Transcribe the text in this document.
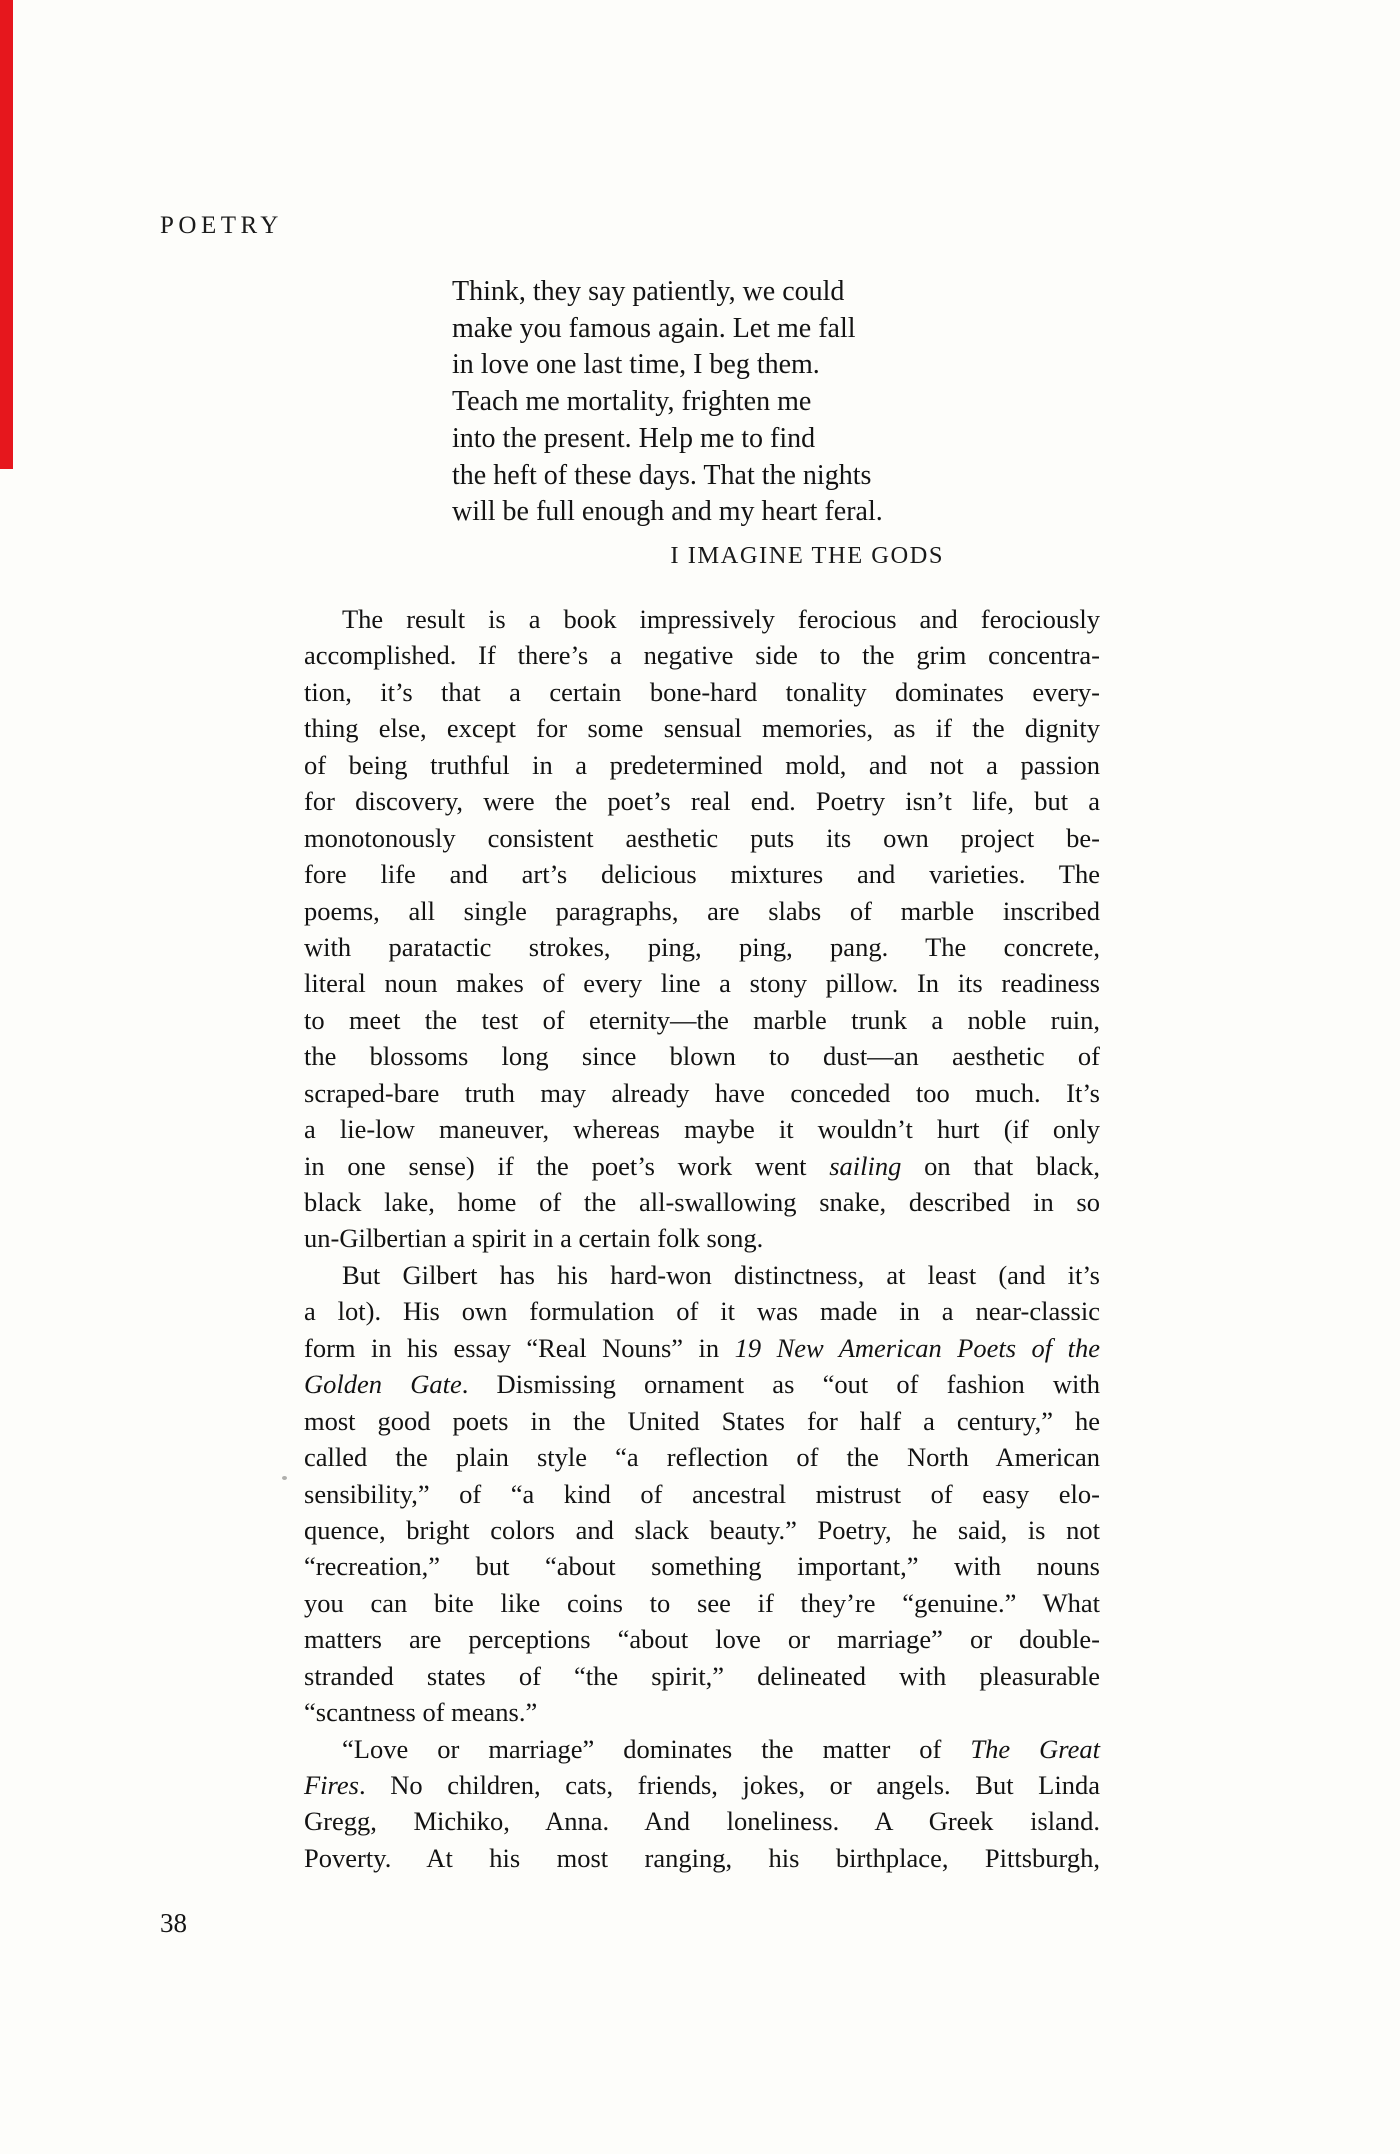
POETRY
Think, they say patiently, we could
make you famous again. Let me fall
in love one last time, I beg them.
Teach me mortality, frighten me
into the present. Help me to find
the heft of these days. That the nights
will be full enough and my heart feral.
I IMAGINE THE GODS
The result is a book impressively ferocious and ferociously
accomplished. If there’s a negative side to the grim concentra-
tion, it’s that a certain bone-hard tonality dominates every-
thing else, except for some sensual memories, as if the dignity
of being truthful in a predetermined mold, and not a passion
for discovery, were the poet’s real end. Poetry isn’t life, but a
monotonously consistent aesthetic puts its own project be-
fore life and art’s delicious mixtures and varieties. The
poems, all single paragraphs, are slabs of marble inscribed
with paratactic strokes, ping, ping, pang. The concrete,
literal noun makes of every line a stony pillow. In its readiness
to meet the test of eternity—the marble trunk a noble ruin,
the blossoms long since blown to dust—an aesthetic of
scraped-bare truth may already have conceded too much. It’s
a lie-low maneuver, whereas maybe it wouldn’t hurt (if only
in one sense) if the poet’s work went sailing on that black,
black lake, home of the all-swallowing snake, described in so
un-Gilbertian a spirit in a certain folk song.
But Gilbert has his hard-won distinctness, at least (and it’s
a lot). His own formulation of it was made in a near-classic
form in his essay “Real Nouns” in 19 New American Poets of the
Golden Gate. Dismissing ornament as “out of fashion with
most good poets in the United States for half a century,” he
called the plain style “a reflection of the North American
sensibility,” of “a kind of ancestral mistrust of easy elo-
quence, bright colors and slack beauty.” Poetry, he said, is not
“recreation,” but “about something important,” with nouns
you can bite like coins to see if they’re “genuine.” What
matters are perceptions “about love or marriage” or double-
stranded states of “the spirit,” delineated with pleasurable
“scantness of means.”
“Love or marriage” dominates the matter of The Great
Fires. No children, cats, friends, jokes, or angels. But Linda
Gregg, Michiko, Anna. And loneliness. A Greek island.
Poverty. At his most ranging, his birthplace, Pittsburgh,
38
